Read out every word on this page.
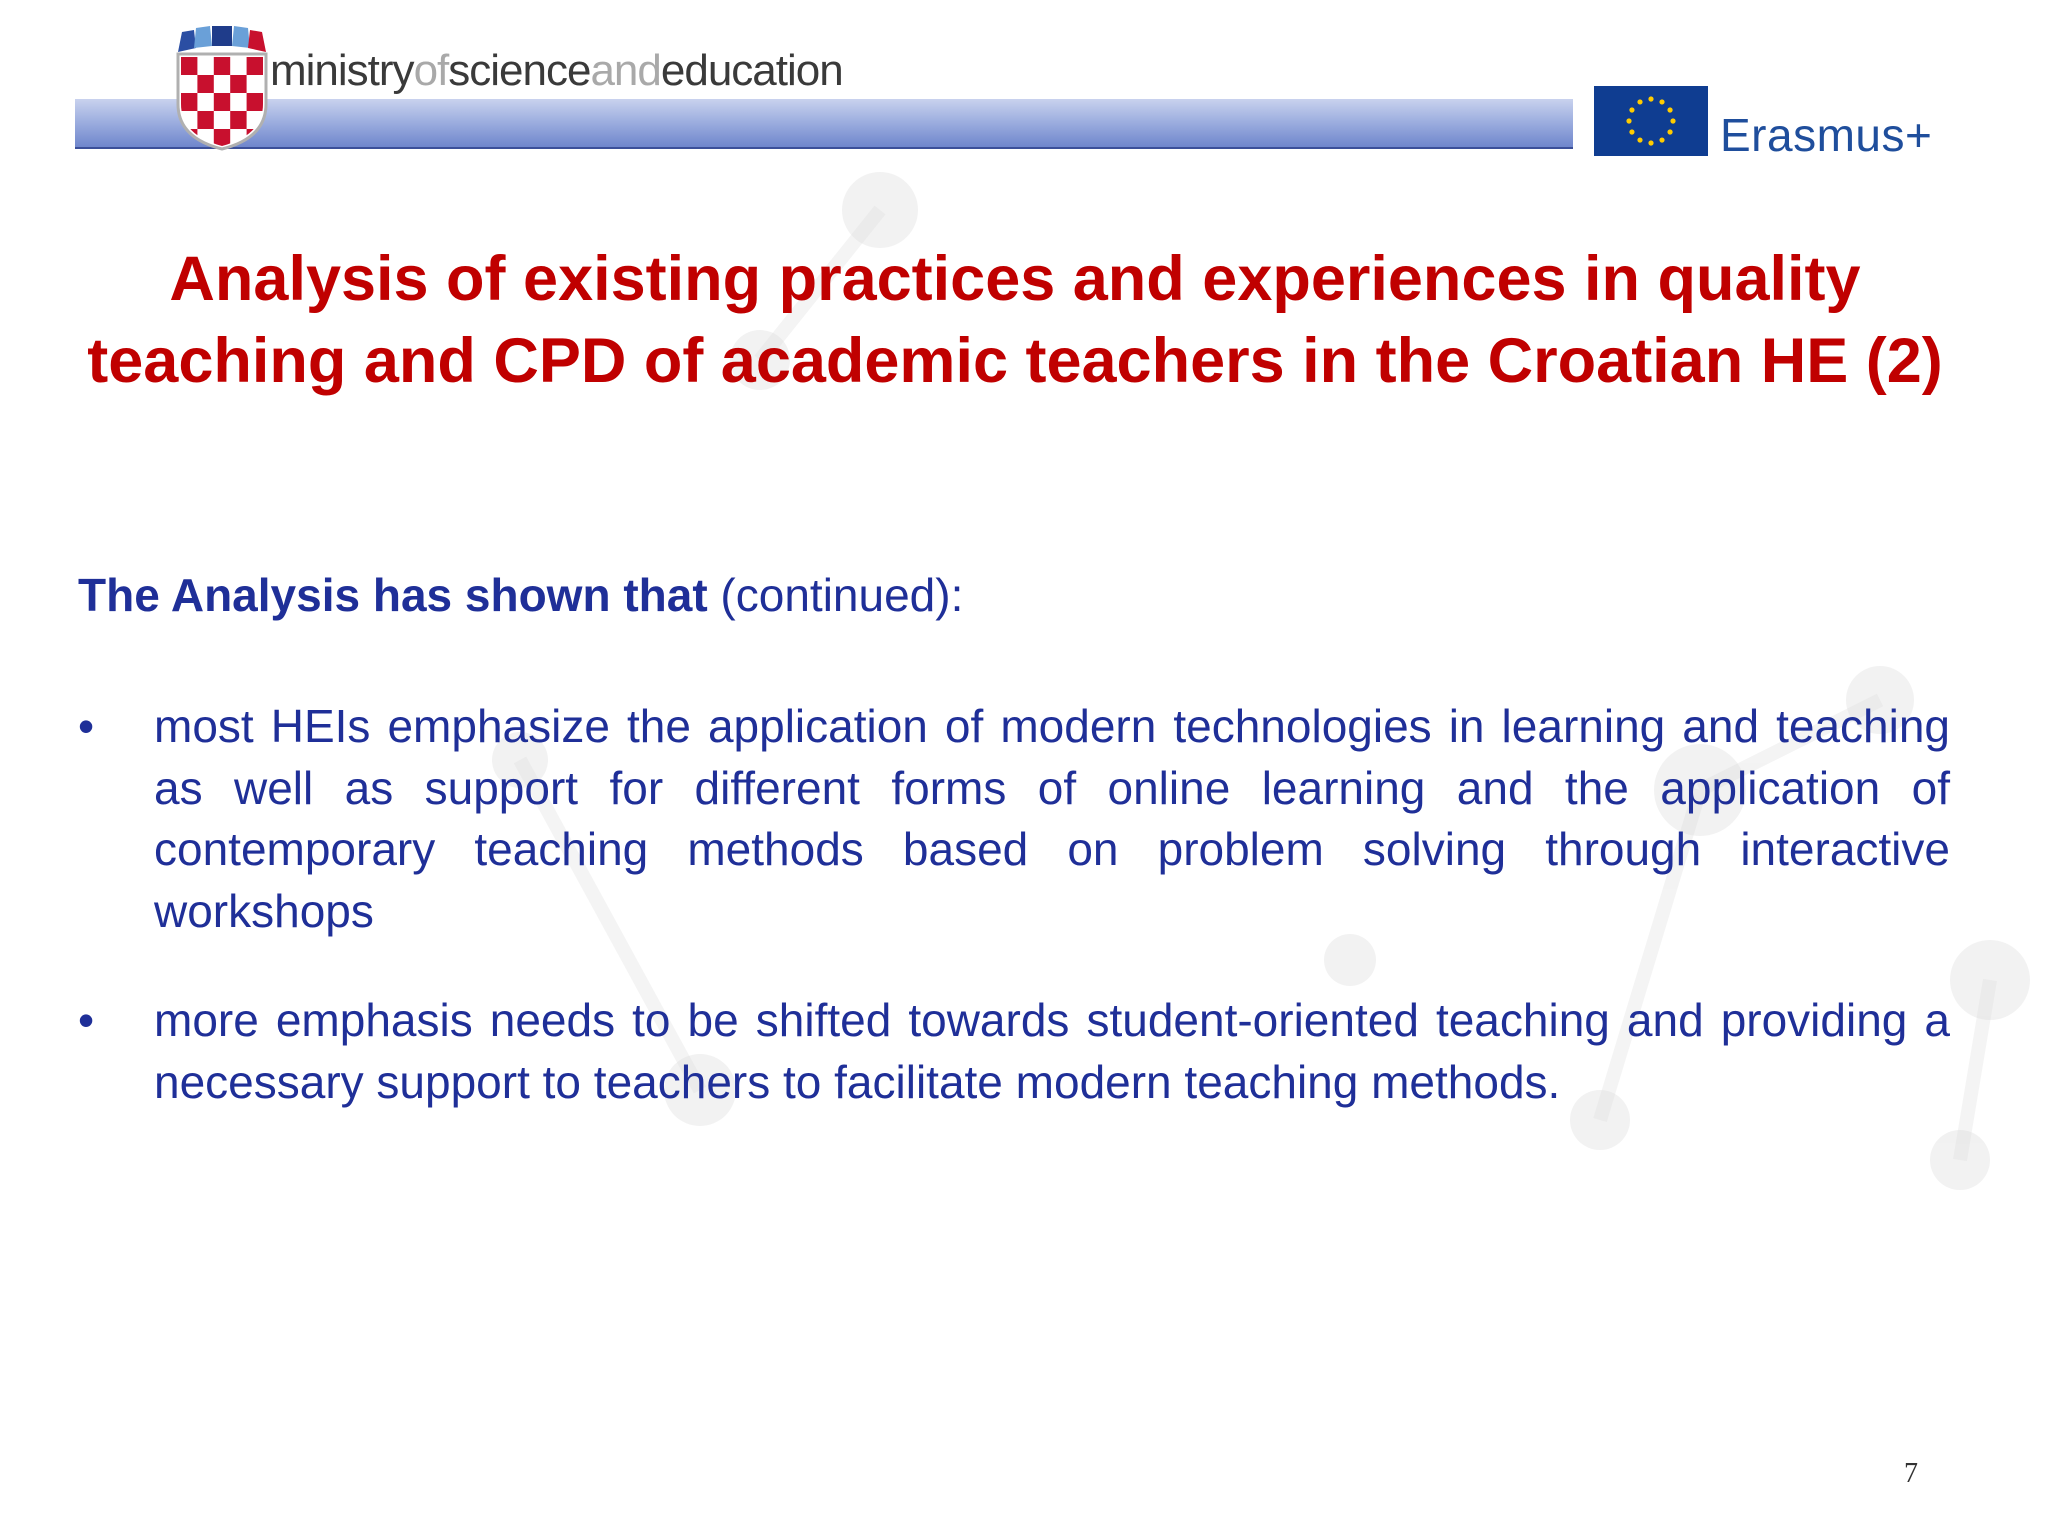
ministryofscienceandeducation
Erasmus+
Analysis of existing practices and experiences in quality teaching and CPD of academic teachers in the Croatian HE (2)
The Analysis has shown that (continued):
• most HEIs emphasize the application of modern technologies in learning and teaching as well as support for different forms of online learning and the application of contemporary teaching methods based on problem solving through interactive workshops
• more emphasis needs to be shifted towards student-oriented teaching and providing a necessary support to teachers to facilitate modern teaching methods.
7
